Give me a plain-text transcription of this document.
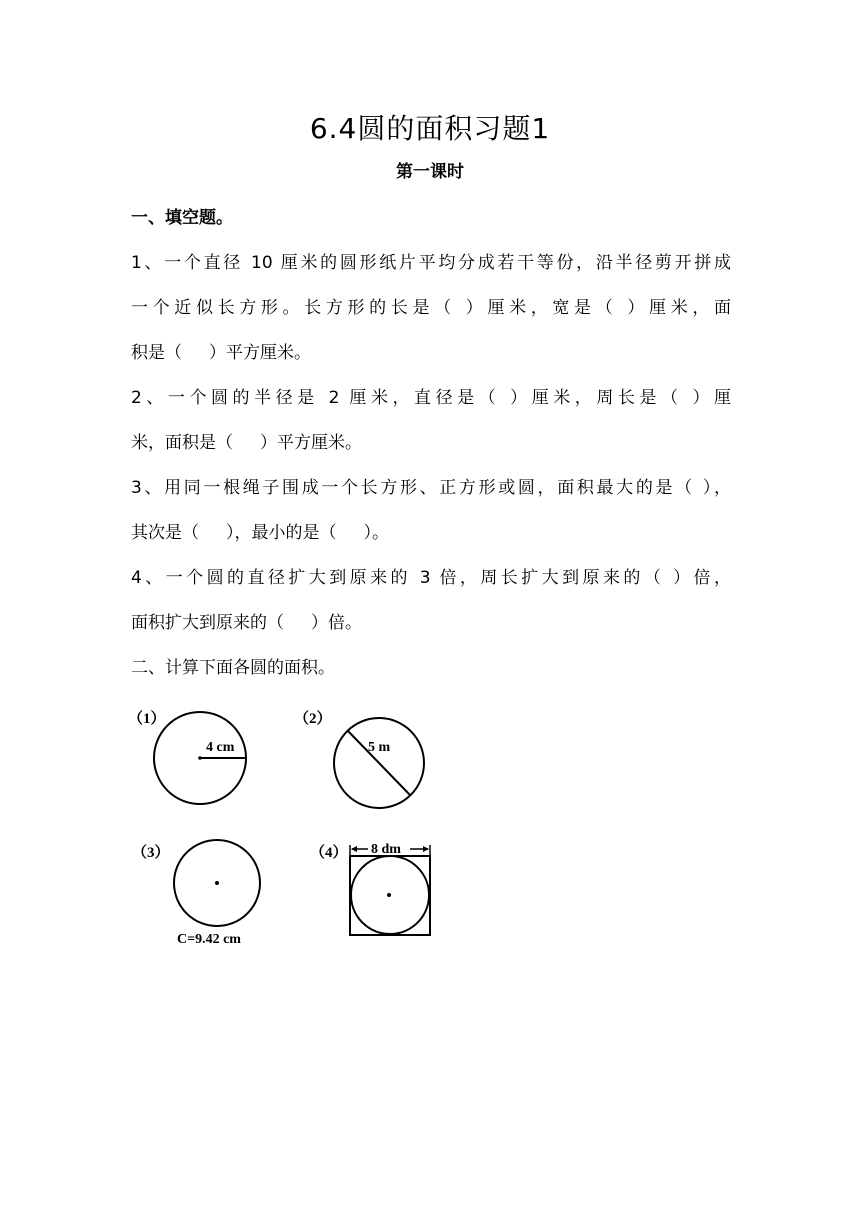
6.4圆的面积习题1
第一课时
一、填空题。
1、一个直径 10 厘米的圆形纸片平均分成若干等份，沿半径剪开拼成
一个近似长方形。长方形的长是（ ）厘米，宽是（ ）厘米，面
积是（     ）平方厘米。
2、一个圆的半径是 2 厘米，直径是（ ）厘米，周长是（ ）厘
米，面积是（     ）平方厘米。
3、用同一根绳子围成一个长方形、正方形或圆，面积最大的是（ ），
其次是（     ），最小的是（     ）。
4、一个圆的直径扩大到原来的 3 倍，周长扩大到原来的（ ）倍，
面积扩大到原来的（     ）倍。
二、计算下面各圆的面积。
（1）
4 cm
（2）
5 m
（3）
C=9.42 cm
（4） 8 dm
